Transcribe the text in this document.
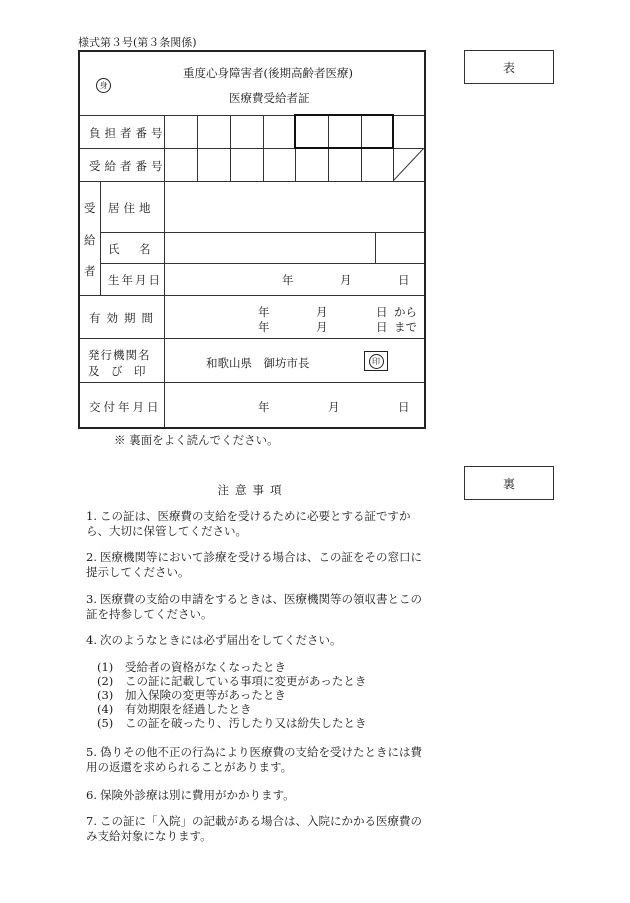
様式第３号(第３条関係)
表
裏
身
重度心身障害者(後期高齢者医療)
医療費受給者証
負担者番号
受給者番号
受
給
者
居住地
氏　名
生年月日	年	月	日
有効期間	年	月	日 から
年	月	日 まで
発行機関名
及　び　印
和歌山県　御坊市長	印
交付年月日	年	月	日
※ 裏面をよく読んでください。
注意事項
1. この証は、医療費の支給を受けるために必要とする証ですから、大切に保管してください。
2. 医療機関等において診療を受ける場合は、この証をその窓口に提示してください。
3. 医療費の支給の申請をするときは、医療機関等の領収書とこの証を持参してください。
4. 次のようなときには必ず届出をしてください。
(1) 受給者の資格がなくなったとき
(2) この証に記載している事項に変更があったとき
(3) 加入保険の変更等があったとき
(4) 有効期限を経過したとき
(5) この証を破ったり、汚したり又は紛失したとき
5. 偽りその他不正の行為により医療費の支給を受けたときには費用の返還を求められることがあります。
6. 保険外診療は別に費用がかかります。
7. この証に「入院」の記載がある場合は、入院にかかる医療費のみ支給対象になります。
